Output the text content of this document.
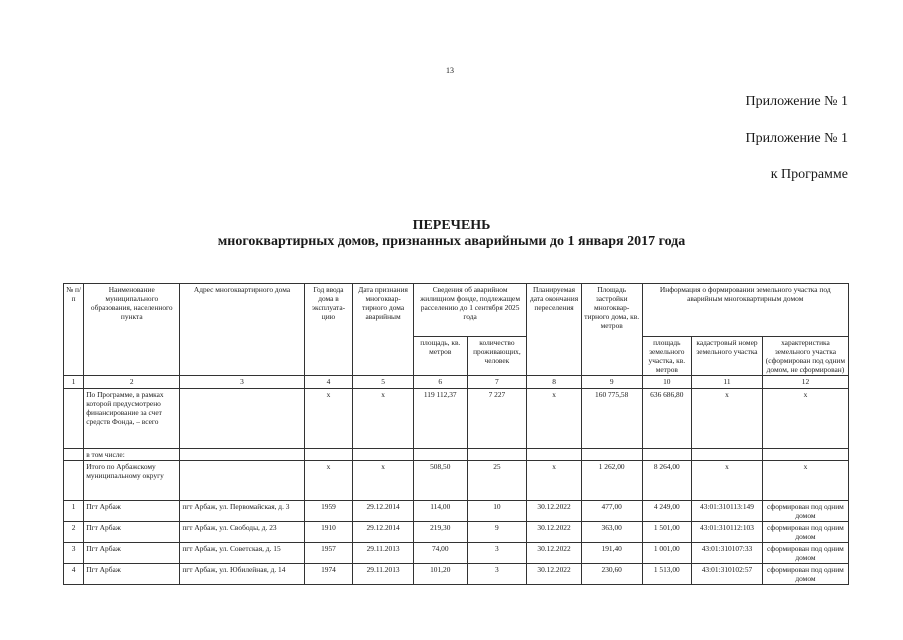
13
Приложение № 1
Приложение № 1
к Программе
ПЕРЕЧЕНЬ
многоквартирных домов, признанных аварийными до 1 января 2017 года
№ п/п	Наименование муниципального образования, населенного пункта	Адрес многоквартирного дома	Год ввода дома в эксплуата-цию	Дата признания многоквар-тирного дома аварийным	Сведения об аварийном жилищном фонде, подлежащем расселению до 1 сентября 2025 года		Планируемая дата окончания переселения	Площадь застройки многоквар-тирного дома, кв. метров	Информация о формировании земельного участка под аварийным многоквартирным домом		
					площадь, кв. метров	количество проживающих, человек			площадь земельного участка, кв. метров	кадастровый номер земельного участка	характеристика земельного участка (сформирован под одним домом, не сформирован)
1	2	3	4	5	6	7	8	9	10	11	12
	По Программе, в рамках которой предусмотрено финансирование за счет средств Фонда, – всего		x	x	119 112,37	7 227	x	160 775,58	636 686,80	x	x
	в том числе:										
	Итого по Арбажскому муниципальному округу		x	x	508,50	25	x	1 262,00	8 264,00	x	x
1	Пгт Арбаж	пгт Арбаж, ул. Первомайская, д. 3	1959	29.12.2014	114,00	10	30.12.2022	477,00	4 249,00	43:01:310113:149	сформирован под одним домом
2	Пгт Арбаж	пгт Арбаж, ул. Свободы, д. 23	1910	29.12.2014	219,30	9	30.12.2022	363,00	1 501,00	43:01:310112:103	сформирован под одним домом
3	Пгт Арбаж	пгт Арбаж, ул. Советская, д. 15	1957	29.11.2013	74,00	3	30.12.2022	191,40	1 001,00	43:01:310107:33	сформирован под одним домом
4	Пгт Арбаж	пгт Арбаж, ул. Юбилейная, д. 14	1974	29.11.2013	101,20	3	30.12.2022	230,60	1 513,00	43:01:310102:57	сформирован под одним домом
